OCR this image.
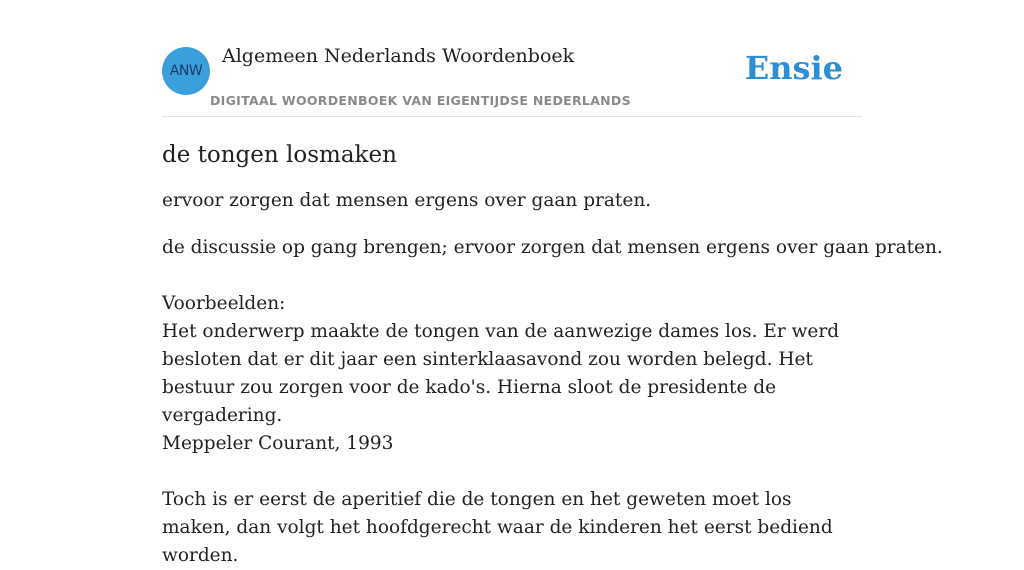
ANW
Algemeen Nederlands Woordenboek
DIGITAAL WOORDENBOEK VAN EIGENTIJDSE NEDERLANDS
Ensie
de tongen losmaken

ervoor zorgen dat mensen ergens over gaan praten.

de discussie op gang brengen; ervoor zorgen dat mensen ergens over gaan praten.

Voorbeelden:

Het onderwerp maakte de tongen van de aanwezige dames los. Er werd besloten dat er dit jaar een sinterklaasavond zou worden belegd. Het bestuur zou zorgen voor de kado's. Hierna sloot de presidente de vergadering.

Meppeler Courant, 1993

Toch is er eerst de aperitief die de tongen en het geweten moet los maken, dan volgt het hoofdgerecht waar de kinderen het eerst bediend worden.
